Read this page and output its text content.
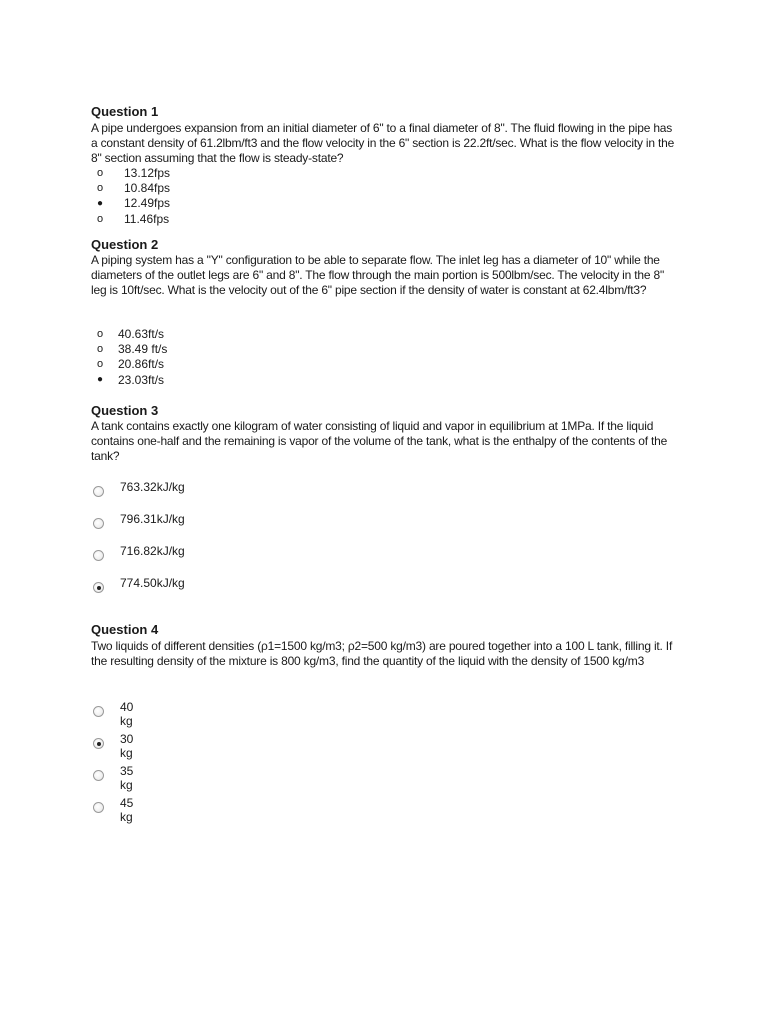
Question 1

A pipe undergoes expansion from an initial diameter of 6" to a final diameter of 8". The fluid flowing in the pipe has a constant density of 61.2lbm/ft3 and the flow velocity in the 6" section is 22.2ft/sec. What is the flow velocity in the 8" section assuming that the flow is steady-state?

o	13.12fps
o	10.84fps
●	12.49fps
o	11.46fps
Question 2

A piping system has a "Y" configuration to be able to separate flow. The inlet leg has a diameter of 10" while the diameters of the outlet legs are 6" and 8". The flow through the main portion is 500lbm/sec. The velocity in the 8" leg is 10ft/sec. What is the velocity out of the 6" pipe section if the density of water is constant at 62.4lbm/ft3?

o	40.63ft/s
o	38.49 ft/s
o	20.86ft/s
●	23.03ft/s
Question 3

A tank contains exactly one kilogram of water consisting of liquid and vapor in equilibrium at 1MPa. If the liquid contains one-half and the remaining is vapor of the volume of the tank, what is the enthalpy of the contents of the tank?

763.32kJ/kg
796.31kJ/kg
716.82kJ/kg
774.50kJ/kg
Question 4

Two liquids of different densities (ρ1=1500 kg/m3; ρ2=500 kg/m3) are poured together into a 100 L tank, filling it. If the resulting density of the mixture is 800 kg/m3, find the quantity of the liquid with the density of 1500 kg/m3

40 kg
30 kg
35 kg
45 kg
